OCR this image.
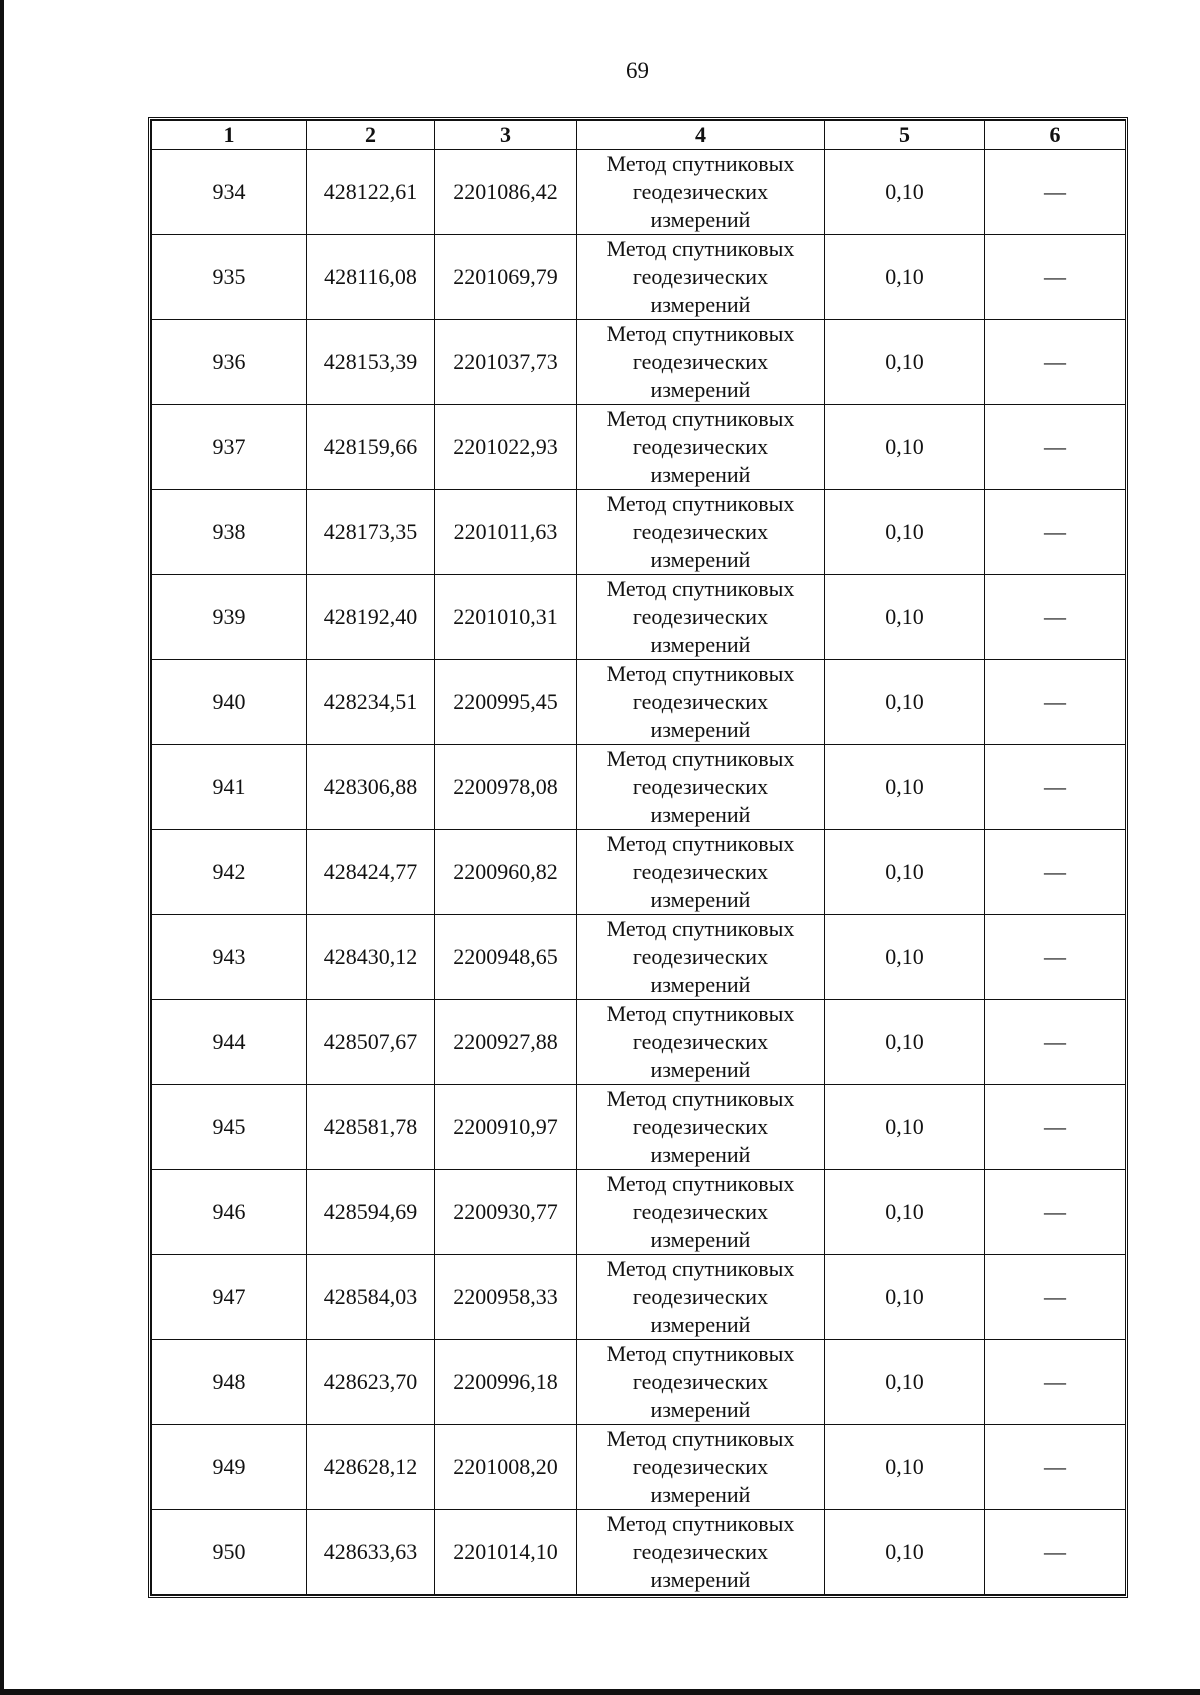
69
1	2	3	4	5	6
934	428122,61	2201086,42	Метод спутниковых
геодезических
измерений	0,10	—
935	428116,08	2201069,79	Метод спутниковых
геодезических
измерений	0,10	—
936	428153,39	2201037,73	Метод спутниковых
геодезических
измерений	0,10	—
937	428159,66	2201022,93	Метод спутниковых
геодезических
измерений	0,10	—
938	428173,35	2201011,63	Метод спутниковых
геодезических
измерений	0,10	—
939	428192,40	2201010,31	Метод спутниковых
геодезических
измерений	0,10	—
940	428234,51	2200995,45	Метод спутниковых
геодезических
измерений	0,10	—
941	428306,88	2200978,08	Метод спутниковых
геодезических
измерений	0,10	—
942	428424,77	2200960,82	Метод спутниковых
геодезических
измерений	0,10	—
943	428430,12	2200948,65	Метод спутниковых
геодезических
измерений	0,10	—
944	428507,67	2200927,88	Метод спутниковых
геодезических
измерений	0,10	—
945	428581,78	2200910,97	Метод спутниковых
геодезических
измерений	0,10	—
946	428594,69	2200930,77	Метод спутниковых
геодезических
измерений	0,10	—
947	428584,03	2200958,33	Метод спутниковых
геодезических
измерений	0,10	—
948	428623,70	2200996,18	Метод спутниковых
геодезических
измерений	0,10	—
949	428628,12	2201008,20	Метод спутниковых
геодезических
измерений	0,10	—
950	428633,63	2201014,10	Метод спутниковых
геодезических
измерений	0,10	—
